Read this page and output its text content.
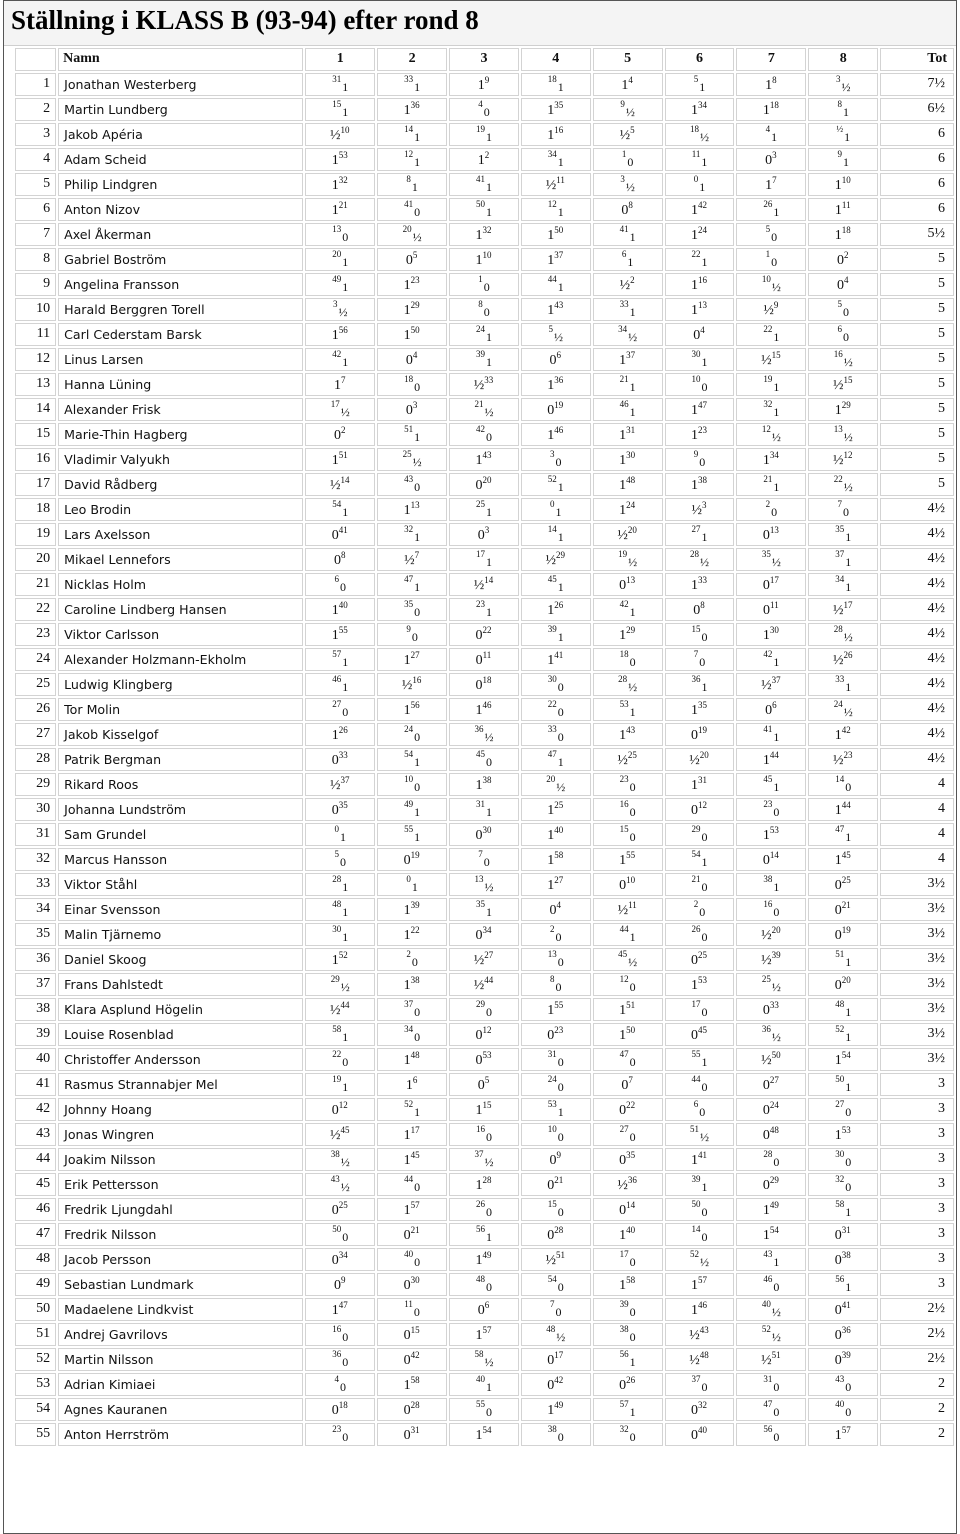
Ställning i KLASS B (93-94) efter rond 8
	Namn	1	2	3	4	5	6	7	8	Tot
1	Jonathan Westerberg	$^{31}_1$	$^{33}_1$	$1^9$	$^{18}_1$	$1^4$	$^5_1$	$1^8$	$^3_{\frac{1}{2}}$	7½
2	Martin Lundberg	$^{15}_1$	$1^{36}$	$^4_0$	$1^{35}$	$^9_{\frac{1}{2}}$	$1^{34}$	$1^{18}$	$^8_1$	6½
3	Jakob Apéria	½$^{10}$	$^{14}_1$	$^{19}_1$	$1^{16}$	½$^5$	$^{18}_{\frac{1}{2}}$	$^4_1$	$^{\frac{1}{2}}_1$	6
4	Adam Scheid	$1^{53}$	$^{12}_1$	$1^2$	$^{34}_1$	$^1_0$	$^{11}_1$	$0^3$	$^9_1$	6
5	Philip Lindgren	$1^{32}$	$^8_1$	$^{41}_1$	½$^{11}$	$^3_{\frac{1}{2}}$	$^0_1$	$1^7$	$1^{10}$	6
6	Anton Nizov	$1^{21}$	$^{41}_0$	$^{50}_1$	$^{12}_1$	$0^8$	$1^{42}$	$^{26}_1$	$1^{11}$	6
7	Axel Åkerman	$^{13}_0$	$^{20}_{\frac{1}{2}}$	$1^{32}$	$1^{50}$	$^{41}_1$	$1^{24}$	$^5_0$	$1^{18}$	5½
8	Gabriel Boström	$^{20}_1$	$0^5$	$1^{10}$	$1^{37}$	$^6_1$	$^{22}_1$	$^1_0$	$0^2$	5
9	Angelina Fransson	$^{49}_1$	$1^{23}$	$^1_0$	$^{44}_1$	½$^2$	$1^{16}$	$^{10}_{\frac{1}{2}}$	$0^4$	5
10	Harald Berggren Torell	$^3_{\frac{1}{2}}$	$1^{29}$	$^8_0$	$1^{43}$	$^{33}_1$	$1^{13}$	½$^9$	$^5_0$	5
11	Carl Cederstam Barsk	$1^{56}$	$1^{50}$	$^{24}_1$	$^5_{\frac{1}{2}}$	$^{34}_{\frac{1}{2}}$	$0^4$	$^{22}_1$	$^6_0$	5
12	Linus Larsen	$^{42}_1$	$0^4$	$^{39}_1$	$0^6$	$1^{37}$	$^{30}_1$	½$^{15}$	$^{16}_{\frac{1}{2}}$	5
13	Hanna Lüning	$1^7$	$^{18}_0$	½$^{33}$	$1^{36}$	$^{21}_1$	$^{10}_0$	$^{19}_1$	½$^{15}$	5
14	Alexander Frisk	$^{17}_{\frac{1}{2}}$	$0^3$	$^{21}_{\frac{1}{2}}$	$0^{19}$	$^{46}_1$	$1^{47}$	$^{32}_1$	$1^{29}$	5
15	Marie-Thin Hagberg	$0^2$	$^{51}_1$	$^{42}_0$	$1^{46}$	$1^{31}$	$1^{23}$	$^{12}_{\frac{1}{2}}$	$^{13}_{\frac{1}{2}}$	5
16	Vladimir Valyukh	$1^{51}$	$^{25}_{\frac{1}{2}}$	$1^{43}$	$^3_0$	$1^{30}$	$^9_0$	$1^{34}$	½$^{12}$	5
17	David Rådberg	½$^{14}$	$^{43}_0$	$0^{20}$	$^{52}_1$	$1^{48}$	$1^{38}$	$^{21}_1$	$^{22}_{\frac{1}{2}}$	5
18	Leo Brodin	$^{54}_1$	$1^{13}$	$^{25}_1$	$^0_1$	$1^{24}$	½$^3$	$^2_0$	$^7_0$	4½
19	Lars Axelsson	$0^{41}$	$^{32}_1$	$0^3$	$^{14}_1$	½$^{20}$	$^{27}_1$	$0^{13}$	$^{35}_1$	4½
20	Mikael Lennefors	$0^8$	½$^7$	$^{17}_1$	½$^{29}$	$^{19}_{\frac{1}{2}}$	$^{28}_{\frac{1}{2}}$	$^{35}_{\frac{1}{2}}$	$^{37}_1$	4½
21	Nicklas Holm	$^6_0$	$^{47}_1$	½$^{14}$	$^{45}_1$	$0^{13}$	$1^{33}$	$0^{17}$	$^{34}_1$	4½
22	Caroline Lindberg Hansen	$1^{40}$	$^{35}_0$	$^{23}_1$	$1^{26}$	$^{42}_1$	$0^8$	$0^{11}$	½$^{17}$	4½
23	Viktor Carlsson	$1^{55}$	$^9_0$	$0^{22}$	$^{39}_1$	$1^{29}$	$^{15}_0$	$1^{30}$	$^{28}_{\frac{1}{2}}$	4½
24	Alexander Holzmann-Ekholm	$^{57}_1$	$1^{27}$	$0^{11}$	$1^{41}$	$^{18}_0$	$^7_0$	$^{42}_1$	½$^{26}$	4½
25	Ludwig Klingberg	$^{46}_1$	½$^{16}$	$0^{18}$	$^{30}_0$	$^{28}_{\frac{1}{2}}$	$^{36}_1$	½$^{37}$	$^{33}_1$	4½
26	Tor Molin	$^{27}_0$	$1^{56}$	$1^{46}$	$^{22}_0$	$^{53}_1$	$1^{35}$	$0^6$	$^{24}_{\frac{1}{2}}$	4½
27	Jakob Kisselgof	$1^{26}$	$^{24}_0$	$^{36}_{\frac{1}{2}}$	$^{33}_0$	$1^{43}$	$0^{19}$	$^{41}_1$	$1^{42}$	4½
28	Patrik Bergman	$0^{33}$	$^{54}_1$	$^{45}_0$	$^{47}_1$	½$^{25}$	½$^{20}$	$1^{44}$	½$^{23}$	4½
29	Rikard Roos	½$^{37}$	$^{10}_0$	$1^{38}$	$^{20}_{\frac{1}{2}}$	$^{23}_0$	$1^{31}$	$^{45}_1$	$^{14}_0$	4
30	Johanna Lundström	$0^{35}$	$^{49}_1$	$^{31}_1$	$1^{25}$	$^{16}_0$	$0^{12}$	$^{23}_0$	$1^{44}$	4
31	Sam Grundel	$^0_1$	$^{55}_1$	$0^{30}$	$1^{40}$	$^{15}_0$	$^{29}_0$	$1^{53}$	$^{47}_1$	4
32	Marcus Hansson	$^5_0$	$0^{19}$	$^7_0$	$1^{58}$	$1^{55}$	$^{54}_1$	$0^{14}$	$1^{45}$	4
33	Viktor Ståhl	$^{28}_1$	$^0_1$	$^{13}_{\frac{1}{2}}$	$1^{27}$	$0^{10}$	$^{21}_0$	$^{38}_1$	$0^{25}$	3½
34	Einar Svensson	$^{48}_1$	$1^{39}$	$^{35}_1$	$0^4$	½$^{11}$	$^2_0$	$^{16}_0$	$0^{21}$	3½
35	Malin Tjärnemo	$^{30}_1$	$1^{22}$	$0^{34}$	$^2_0$	$^{44}_1$	$^{26}_0$	½$^{20}$	$0^{19}$	3½
36	Daniel Skoog	$1^{52}$	$^2_0$	½$^{27}$	$^{13}_0$	$^{45}_{\frac{1}{2}}$	$0^{25}$	½$^{39}$	$^{51}_1$	3½
37	Frans Dahlstedt	$^{29}_{\frac{1}{2}}$	$1^{38}$	½$^{44}$	$^8_0$	$^{12}_0$	$1^{53}$	$^{25}_{\frac{1}{2}}$	$0^{20}$	3½
38	Klara Asplund Högelin	½$^{44}$	$^{37}_0$	$^{29}_0$	$1^{55}$	$1^{51}$	$^{17}_0$	$0^{33}$	$^{48}_1$	3½
39	Louise Rosenblad	$^{58}_1$	$^{34}_0$	$0^{12}$	$0^{23}$	$1^{50}$	$0^{45}$	$^{36}_{\frac{1}{2}}$	$^{52}_1$	3½
40	Christoffer Andersson	$^{22}_0$	$1^{48}$	$0^{53}$	$^{31}_0$	$^{47}_0$	$^{55}_1$	½$^{50}$	$1^{54}$	3½
41	Rasmus Strannabjer Mel	$^{19}_1$	$1^6$	$0^5$	$^{24}_0$	$0^7$	$^{44}_0$	$0^{27}$	$^{50}_1$	3
42	Johnny Hoang	$0^{12}$	$^{52}_1$	$1^{15}$	$^{53}_1$	$0^{22}$	$^6_0$	$0^{24}$	$^{27}_0$	3
43	Jonas Wingren	½$^{45}$	$1^{17}$	$^{16}_0$	$^{10}_0$	$^{27}_0$	$^{51}_{\frac{1}{2}}$	$0^{48}$	$1^{53}$	3
44	Joakim Nilsson	$^{38}_{\frac{1}{2}}$	$1^{45}$	$^{37}_{\frac{1}{2}}$	$0^9$	$0^{35}$	$1^{41}$	$^{28}_0$	$^{30}_0$	3
45	Erik Pettersson	$^{43}_{\frac{1}{2}}$	$^{44}_0$	$1^{28}$	$0^{21}$	½$^{36}$	$^{39}_1$	$0^{29}$	$^{32}_0$	3
46	Fredrik Ljungdahl	$0^{25}$	$1^{57}$	$^{26}_0$	$^{15}_0$	$0^{14}$	$^{50}_0$	$1^{49}$	$^{58}_1$	3
47	Fredrik Nilsson	$^{50}_0$	$0^{21}$	$^{56}_1$	$0^{28}$	$1^{40}$	$^{14}_0$	$1^{54}$	$0^{31}$	3
48	Jacob Persson	$0^{34}$	$^{40}_0$	$1^{49}$	½$^{51}$	$^{17}_0$	$^{52}_{\frac{1}{2}}$	$^{43}_1$	$0^{38}$	3
49	Sebastian Lundmark	$0^9$	$0^{30}$	$^{48}_0$	$^{54}_0$	$1^{58}$	$1^{57}$	$^{46}_0$	$^{56}_1$	3
50	Madaelene Lindkvist	$1^{47}$	$^{11}_0$	$0^6$	$^7_0$	$^{39}_0$	$1^{46}$	$^{40}_{\frac{1}{2}}$	$0^{41}$	2½
51	Andrej Gavrilovs	$^{16}_0$	$0^{15}$	$1^{57}$	$^{48}_{\frac{1}{2}}$	$^{38}_0$	½$^{43}$	$^{52}_{\frac{1}{2}}$	$0^{36}$	2½
52	Martin Nilsson	$^{36}_0$	$0^{42}$	$^{58}_{\frac{1}{2}}$	$0^{17}$	$^{56}_1$	½$^{48}$	½$^{51}$	$0^{39}$	2½
53	Adrian Kimiaei	$^4_0$	$1^{58}$	$^{40}_1$	$0^{42}$	$0^{26}$	$^{37}_0$	$^{31}_0$	$^{43}_0$	2
54	Agnes Kauranen	$0^{18}$	$0^{28}$	$^{55}_0$	$1^{49}$	$^{57}_1$	$0^{32}$	$^{47}_0$	$^{40}_0$	2
55	Anton Herrström	$^{23}_0$	$0^{31}$	$1^{54}$	$^{38}_0$	$^{32}_0$	$0^{40}$	$^{56}_0$	$1^{57}$	2
